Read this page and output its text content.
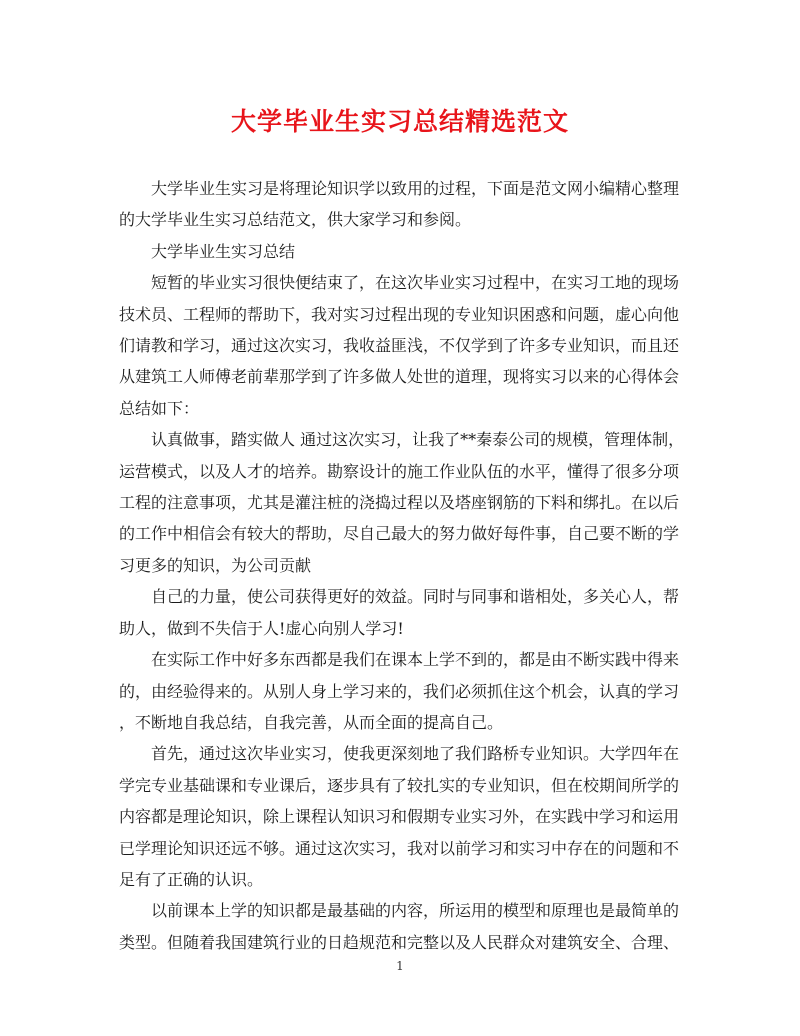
大学毕业生实习总结精选范文
大学毕业生实习是将理论知识学以致用的过程，下面是范文网小编精心整理
的大学毕业生实习总结范文，供大家学习和参阅。
大学毕业生实习总结
短暂的毕业实习很快便结束了，在这次毕业实习过程中，在实习工地的现场
技术员、工程师的帮助下，我对实习过程出现的专业知识困惑和问题，虚心向他
们请教和学习，通过这次实习，我收益匪浅，不仅学到了许多专业知识，而且还
从建筑工人师傅老前辈那学到了许多做人处世的道理，现将实习以来的心得体会
总结如下：
认真做事，踏实做人 通过这次实习，让我了**秦泰公司的规模，管理体制，
运营模式，以及人才的培养。勘察设计的施工作业队伍的水平，懂得了很多分项
工程的注意事项，尤其是灌注桩的浇捣过程以及塔座钢筋的下料和绑扎。在以后
的工作中相信会有较大的帮助，尽自己最大的努力做好每件事，自己要不断的学
习更多的知识，为公司贡献
自己的力量，使公司获得更好的效益。同时与同事和谐相处，多关心人，帮
助人，做到不失信于人!虚心向别人学习!
在实际工作中好多东西都是我们在课本上学不到的，都是由不断实践中得来
的，由经验得来的。从别人身上学习来的，我们必须抓住这个机会，认真的学习
，不断地自我总结，自我完善，从而全面的提高自己。
首先，通过这次毕业实习，使我更深刻地了我们路桥专业知识。大学四年在
学完专业基础课和专业课后，逐步具有了较扎实的专业知识，但在校期间所学的
内容都是理论知识，除上课程认知识习和假期专业实习外，在实践中学习和运用
已学理论知识还远不够。通过这次实习，我对以前学习和实习中存在的问题和不
足有了正确的认识。
以前课本上学的知识都是最基础的内容，所运用的模型和原理也是最简单的
类型。但随着我国建筑行业的日趋规范和完整以及人民群众对建筑安全、合理、
1
